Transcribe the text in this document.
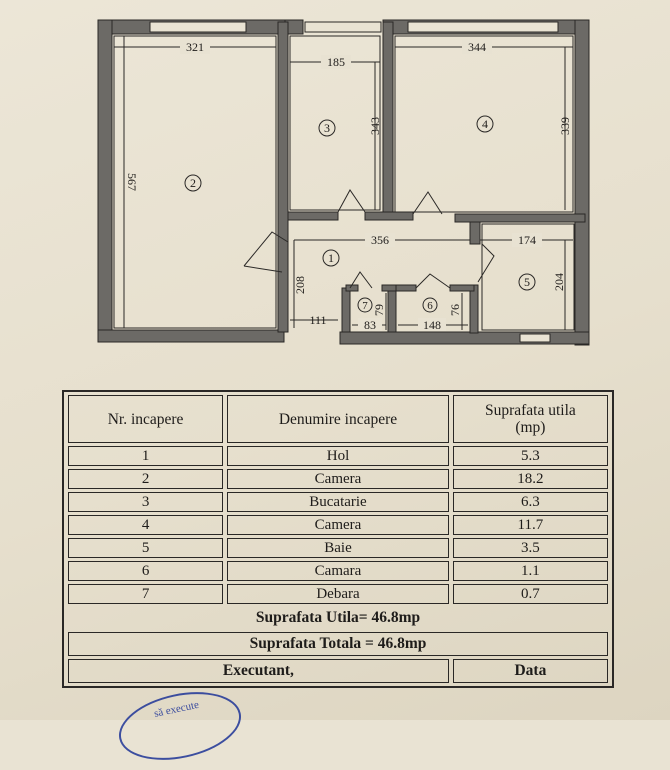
321
185
344
343	339
567
356	174
208	204
111
79
83	148
76
1
2
3	4
5
6
7
Nr. incapere	Denumire incapere	Suprafata utila
(mp)
1	Hol	5.3
2	Camera	18.2
3	Bucatarie	6.3
4	Camera	11.7
5	Baie	3.5
6	Camara	1.1
7	Debara	0.7
Suprafata Utila= 46.8mp		
Suprafata Totala = 46.8mp		
Executant,		Data
să execute
